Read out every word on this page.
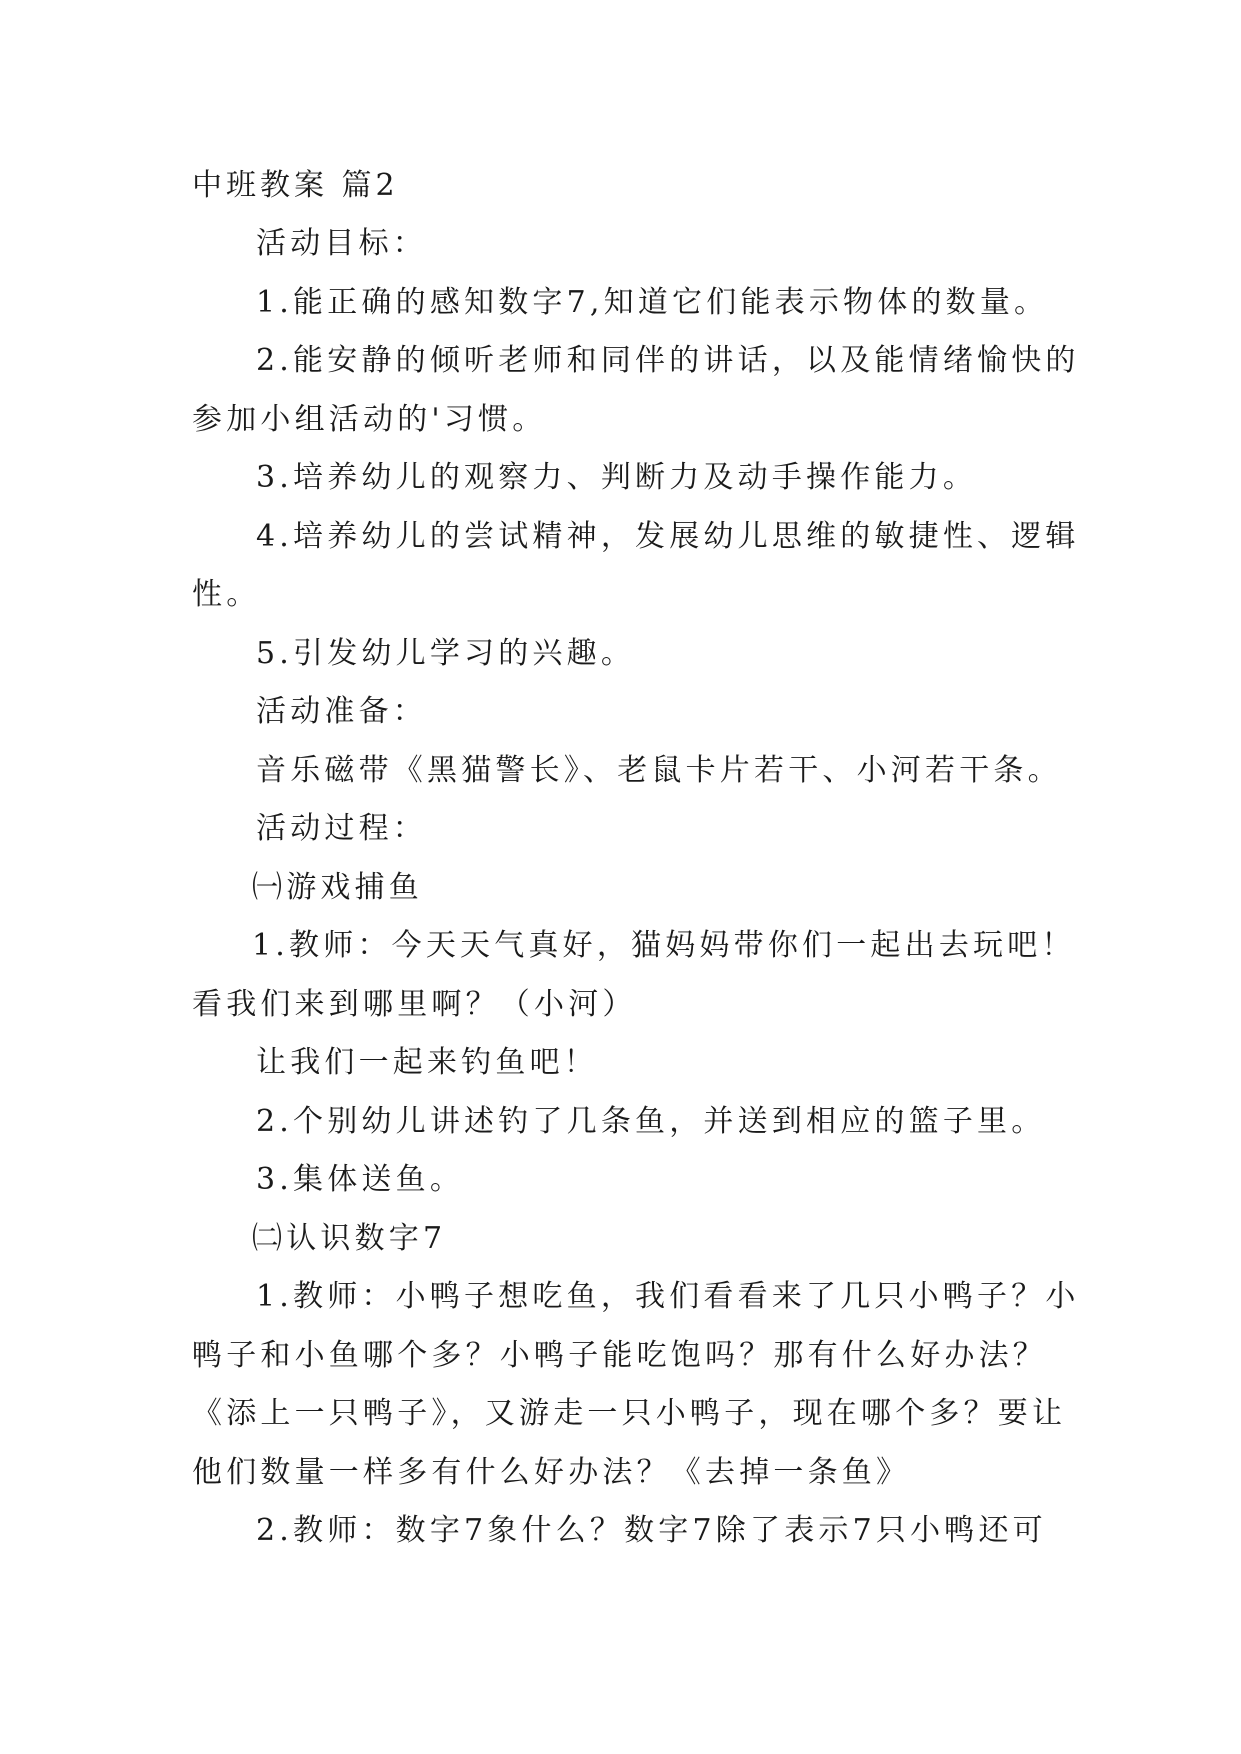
中班教案 篇2
活动目标：
1.能正确的感知数字7,知道它们能表示物体的数量。
2.能安静的倾听老师和同伴的讲话，以及能情绪愉快的
参加小组活动的'习惯。
3.培养幼儿的观察力、判断力及动手操作能力。
4.培养幼儿的尝试精神，发展幼儿思维的敏捷性、逻辑
性。
5.引发幼儿学习的兴趣。
活动准备：
音乐磁带《黑猫警长》、老鼠卡片若干、小河若干条。
活动过程：
㈠游戏捕鱼
1.教师：今天天气真好，猫妈妈带你们一起出去玩吧！
看我们来到哪里啊？（小河）
让我们一起来钓鱼吧！
2.个别幼儿讲述钓了几条鱼，并送到相应的篮子里。
3.集体送鱼。
㈡认识数字7
1.教师：小鸭子想吃鱼，我们看看来了几只小鸭子？小
鸭子和小鱼哪个多？小鸭子能吃饱吗？那有什么好办法？
《添上一只鸭子》，又游走一只小鸭子，现在哪个多？要让
他们数量一样多有什么好办法？《去掉一条鱼》
2.教师：数字7象什么？数字7除了表示7只小鸭还可
